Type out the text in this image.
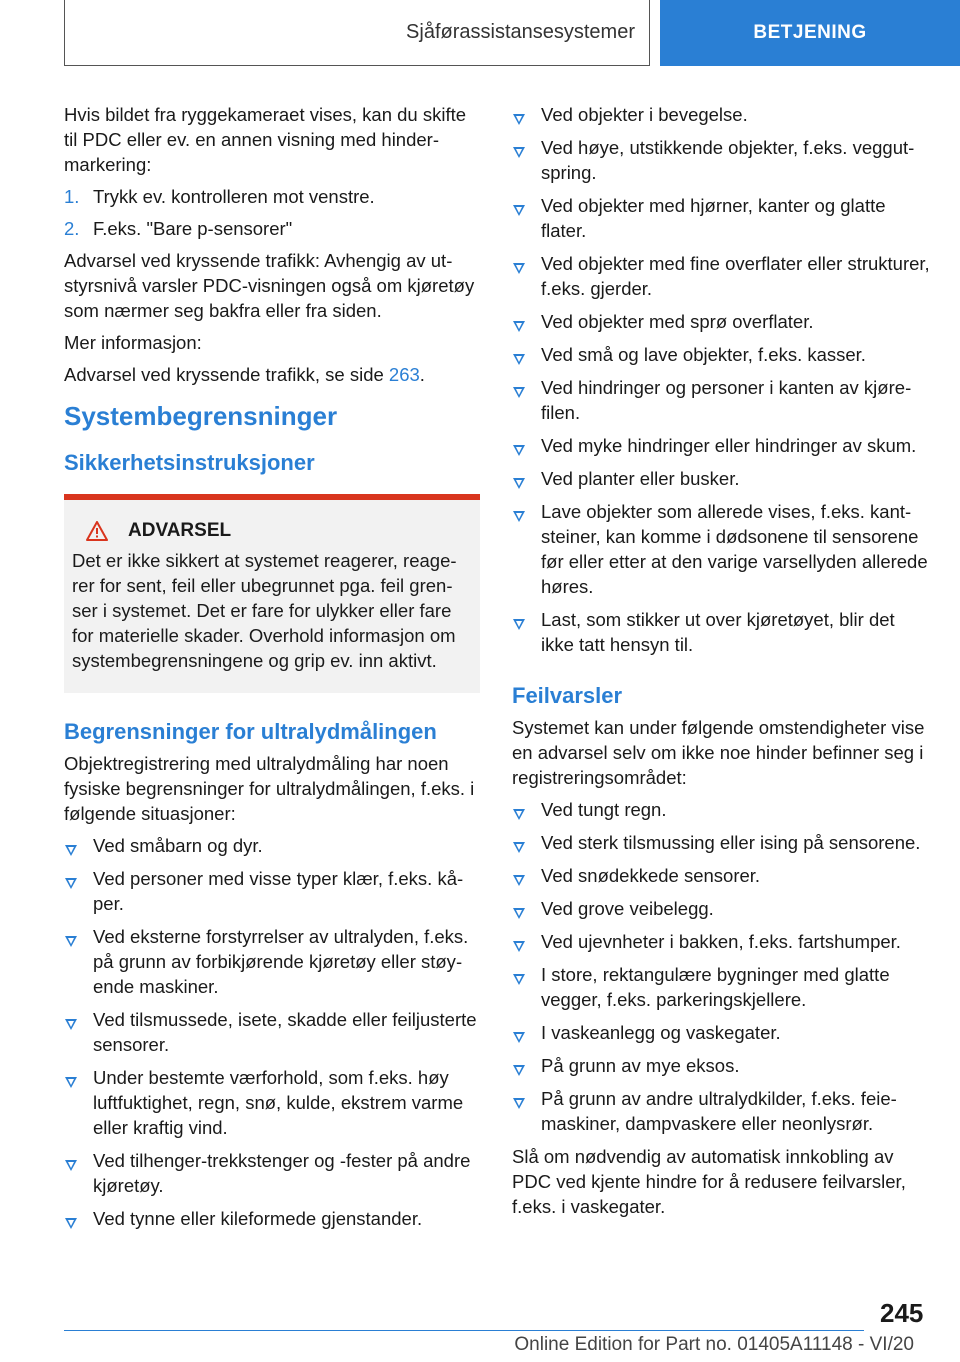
Sjåførassistansesystemer	BETJENING

Hvis bildet fra ryggekameraet vises, kan du skifte til PDC eller ev. en annen visning med hindermarkering:

1. Trykk ev. kontrolleren mot venstre.
2. F.eks. "Bare p-sensorer"

Advarsel ved kryssende trafikk: Avhengig av utstyrsnivå varsler PDC-visningen også om kjøretøy som nærmer seg bakfra eller fra siden.

Mer informasjon:

Advarsel ved kryssende trafikk, se side 263.

Systembegrensninger
Sikkerhetsinstruksjoner
ADVARSEL

Det er ikke sikkert at systemet reagerer, reagerer for sent, feil eller ubegrunnet pga. feil grenser i systemet. Det er fare for ulykker eller fare for materielle skader. Overhold informasjon om systembegrensningene og grip ev. inn aktivt.

Begrensninger for ultralydmålingen

Objektregistrering med ultralydmåling har noen fysiske begrensninger for ultralydmålingen, f.eks. i følgende situasjoner:

Ved småbarn og dyr.
Ved personer med visse typer klær, f.eks. kåper.
Ved eksterne forstyrrelser av ultralyden, f.eks. på grunn av forbikjørende kjøretøy eller støyende maskiner.
Ved tilsmussede, isete, skadde eller feiljusterte sensorer.
Under bestemte værforhold, som f.eks. høy luftfuktighet, regn, snø, kulde, ekstrem varme eller kraftig vind.
Ved tilhenger-trekkstenger og -fester på andre kjøretøy.
Ved tynne eller kileformede gjenstander.
Ved objekter i bevegelse.
Ved høye, utstikkende objekter, f.eks. veggutspring.
Ved objekter med hjørner, kanter og glatte flater.
Ved objekter med fine overflater eller strukturer, f.eks. gjerder.
Ved objekter med sprø overflater.
Ved små og lave objekter, f.eks. kasser.
Ved hindringer og personer i kanten av kjørefilen.
Ved myke hindringer eller hindringer av skum.
Ved planter eller busker.
Lave objekter som allerede vises, f.eks. kantsteiner, kan komme i dødsonene til sensorene før eller etter at den varige varsellyden allerede høres.
Last, som stikker ut over kjøretøyet, blir det ikke tatt hensyn til.
Feilvarsler

Systemet kan under følgende omstendigheter vise en advarsel selv om ikke noe hinder befinner seg i registreringsområdet:

Ved tungt regn.
Ved sterk tilsmussing eller ising på sensorene.
Ved snødekkede sensorer.
Ved grove veibelegg.
Ved ujevnheter i bakken, f.eks. fartshumper.
I store, rektangulære bygninger med glatte vegger, f.eks. parkeringskjellere.
I vaskeanlegg og vaskegater.
På grunn av mye eksos.
På grunn av andre ultralydkilder, f.eks. feiemaskiner, dampvaskere eller neonlysrør.

Slå om nødvendig av automatisk innkobling av PDC ved kjente hindre for å redusere feilvarsler, f.eks. i vaskegater.

245
Online Edition for Part no. 01405A11148 - VI/20
